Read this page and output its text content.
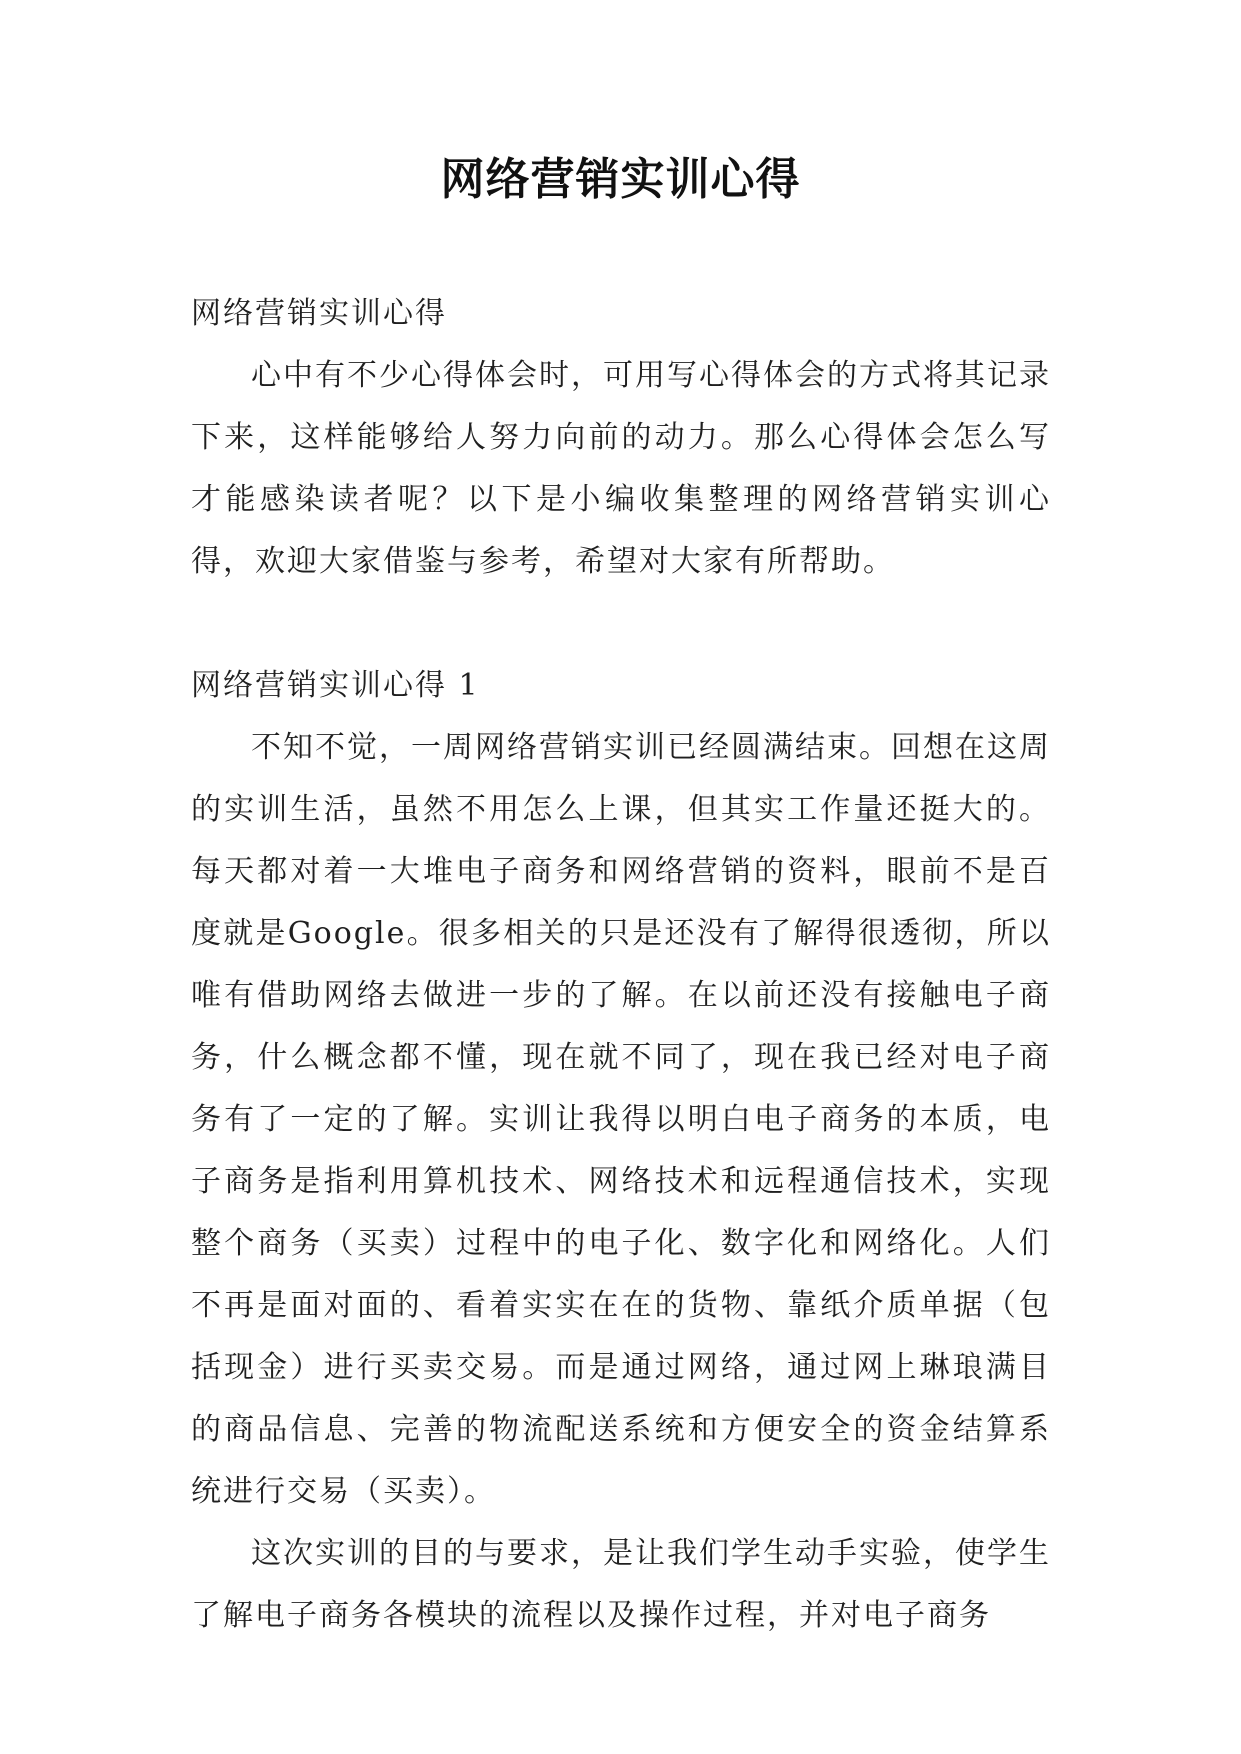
网络营销实训心得

网络营销实训心得

心中有不少心得体会时，可用写心得体会的方式将其记录下来，这样能够给人努力向前的动力。那么心得体会怎么写才能感染读者呢？以下是小编收集整理的网络营销实训心得，欢迎大家借鉴与参考，希望对大家有所帮助。

网络营销实训心得 1

不知不觉，一周网络营销实训已经圆满结束。回想在这周的实训生活，虽然不用怎么上课，但其实工作量还挺大的。每天都对着一大堆电子商务和网络营销的资料，眼前不是百度就是Google。很多相关的只是还没有了解得很透彻，所以唯有借助网络去做进一步的了解。在以前还没有接触电子商务，什么概念都不懂，现在就不同了，现在我已经对电子商务有了一定的了解。实训让我得以明白电子商务的本质，电子商务是指利用算机技术、网络技术和远程通信技术，实现整个商务（买卖）过程中的电子化、数字化和网络化。人们不再是面对面的、看着实实在在的货物、靠纸介质单据（包括现金）进行买卖交易。而是通过网络，通过网上琳琅满目的商品信息、完善的物流配送系统和方便安全的资金结算系统进行交易（买卖）。

这次实训的目的与要求，是让我们学生动手实验，使学生了解电子商务各模块的流程以及操作过程，并对电子商务
